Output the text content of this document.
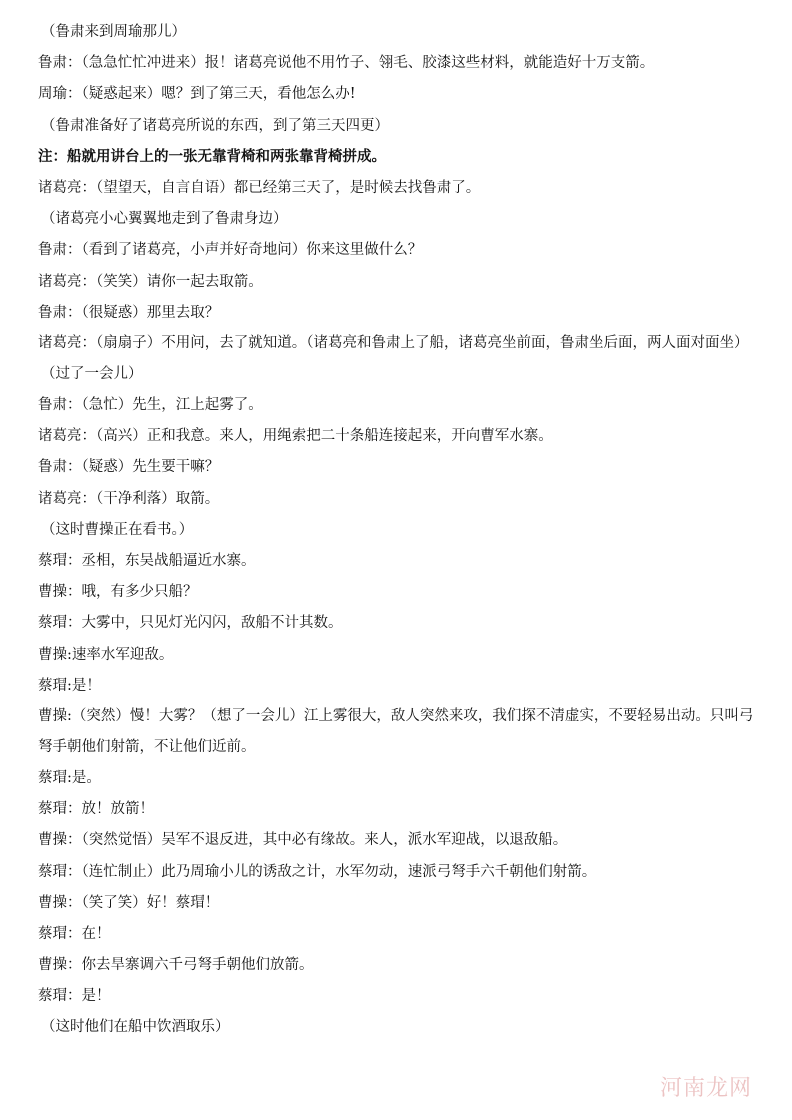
（鲁肃来到周瑜那儿）
鲁肃：（急急忙忙冲进来）报！诸葛亮说他不用竹子、翎毛、胶漆这些材料，就能造好十万支箭。
周瑜：（疑惑起来）嗯？到了第三天，看他怎么办!
（鲁肃准备好了诸葛亮所说的东西，到了第三天四更）
注：船就用讲台上的一张无靠背椅和两张靠背椅拼成。
诸葛亮：（望望天，自言自语）都已经第三天了，是时候去找鲁肃了。
（诸葛亮小心翼翼地走到了鲁肃身边）
鲁肃：（看到了诸葛亮，小声并好奇地问）你来这里做什么？
诸葛亮：（笑笑）请你一起去取箭。
鲁肃：（很疑惑）那里去取？
诸葛亮：（扇扇子）不用问，去了就知道。（诸葛亮和鲁肃上了船，诸葛亮坐前面，鲁肃坐后面，两人面对面坐）
（过了一会儿）
鲁肃：（急忙）先生，江上起雾了。
诸葛亮：（高兴）正和我意。来人，用绳索把二十条船连接起来，开向曹军水寨。
鲁肃：（疑惑）先生要干嘛？
诸葛亮：（干净利落）取箭。
（这时曹操正在看书。）
蔡瑁：丞相，东吴战船逼近水寨。
曹操：哦，有多少只船？
蔡瑁：大雾中，只见灯光闪闪，敌船不计其数。
曹操:速率水军迎敌。
蔡瑁:是！
曹操:（突然）慢！大雾？（想了一会儿）江上雾很大，敌人突然来攻，我们探不清虚实，不要轻易出动。只叫弓弩手朝他们射箭，不让他们近前。
蔡瑁:是。
蔡瑁：放！放箭！
曹操：（突然觉悟）吴军不退反进，其中必有缘故。来人，派水军迎战，以退敌船。
蔡瑁：（连忙制止）此乃周瑜小儿的诱敌之计，水军勿动，速派弓弩手六千朝他们射箭。
曹操：（笑了笑）好！蔡瑁！
蔡瑁：在！
曹操：你去旱寨调六千弓弩手朝他们放箭。
蔡瑁：是！
（这时他们在船中饮酒取乐）
河南龙网
